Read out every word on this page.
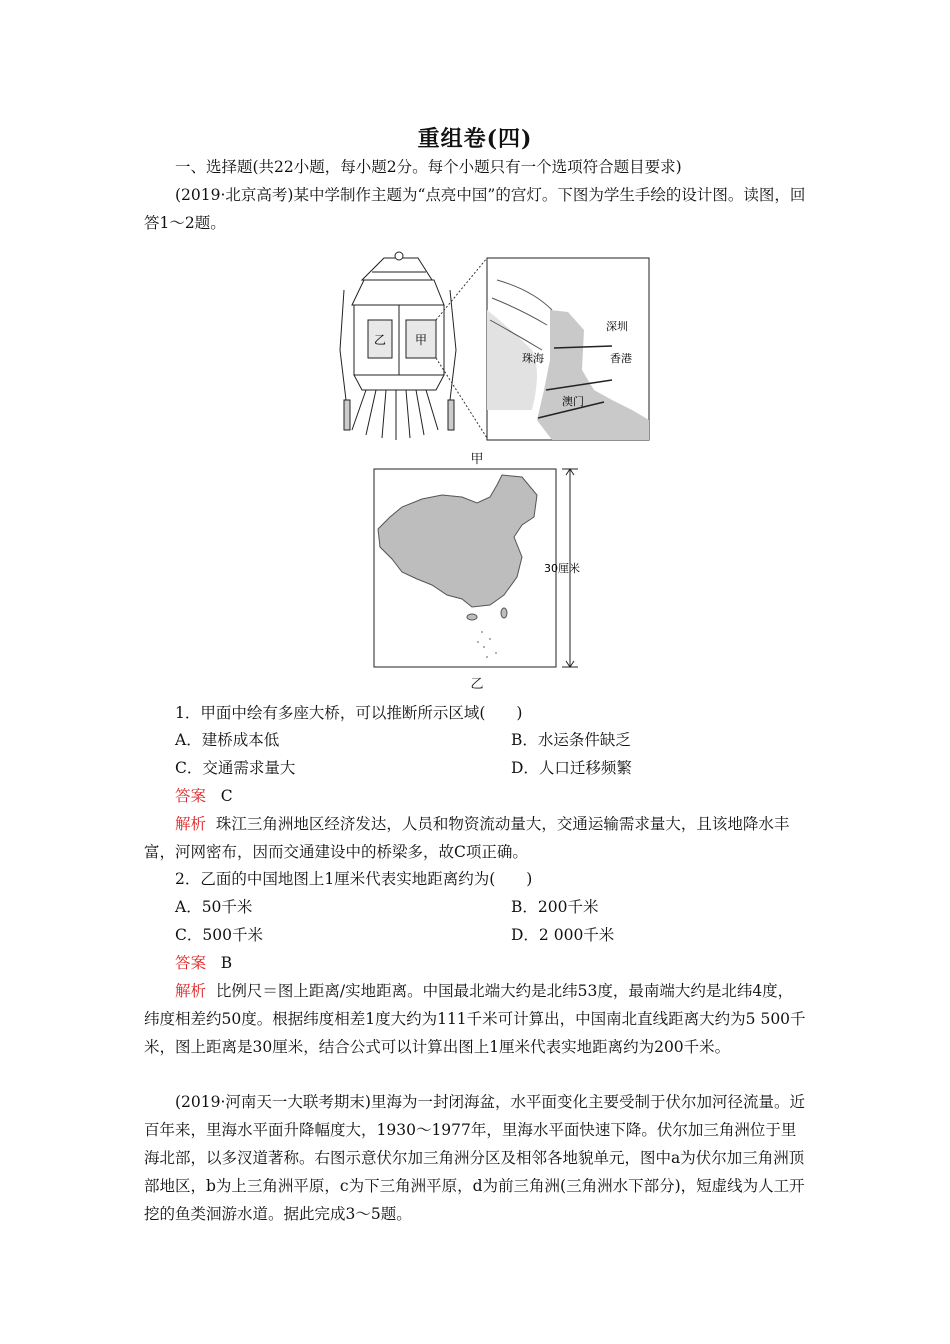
重组卷(四)
一、选择题(共22小题，每小题2分。每个小题只有一个选项符合题目要求)
(2019·北京高考)某中学制作主题为“点亮中国”的宫灯。下图为学生手绘的设计图。读图，回答1～2题。
乙 甲
深圳
珠海	香港
澳门
甲
30厘米
乙
1．甲面中绘有多座大桥，可以推断所示区域(　　)
A．建桥成本低	B．水运条件缺乏
C．交通需求量大	D．人口迁移频繁
答案 C
解析 珠江三角洲地区经济发达，人员和物资流动量大，交通运输需求量大，且该地降水丰富，河网密布，因而交通建设中的桥梁多，故C项正确。
2．乙面的中国地图上1厘米代表实地距离约为(　　)
A．50千米	B．200千米
C．500千米	D．2 000千米
答案 B
解析 比例尺＝图上距离/实地距离。中国最北端大约是北纬53度，最南端大约是北纬4度，纬度相差约50度。根据纬度相差1度大约为111千米可计算出，中国南北直线距离大约为5 500千米，图上距离是30厘米，结合公式可以计算出图上1厘米代表实地距离约为200千米。
(2019·河南天一大联考期末)里海为一封闭海盆，水平面变化主要受制于伏尔加河径流量。近百年来，里海水平面升降幅度大，1930～1977年，里海水平面快速下降。伏尔加三角洲位于里海北部，以多汊道著称。右图示意伏尔加三角洲分区及相邻各地貌单元，图中a为伏尔加三角洲顶部地区，b为上三角洲平原，c为下三角洲平原，d为前三角洲(三角洲水下部分)，短虚线为人工开挖的鱼类洄游水道。据此完成3～5题。
